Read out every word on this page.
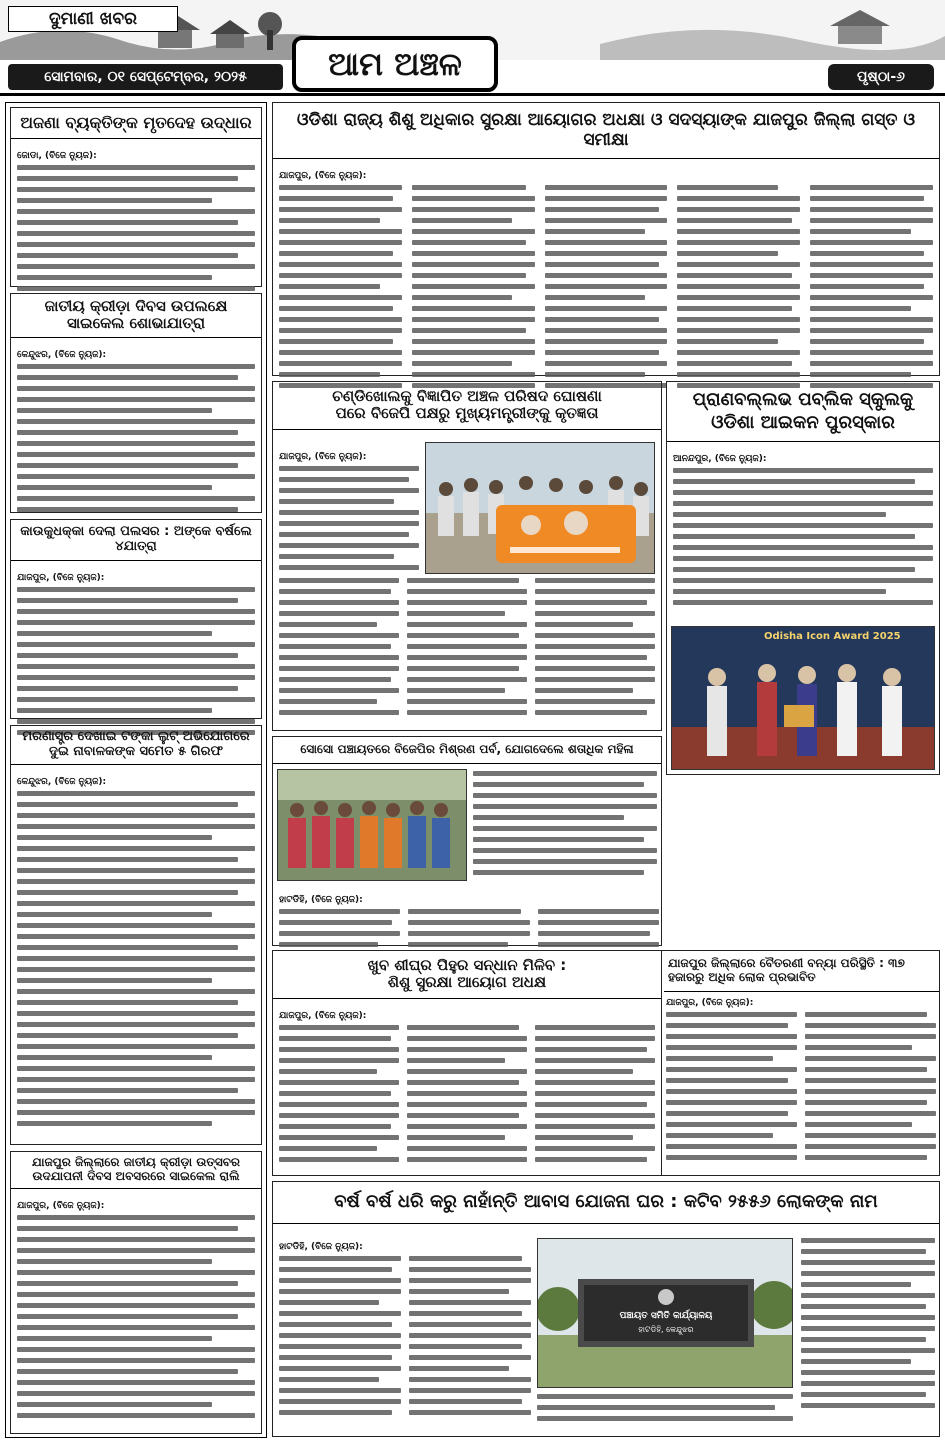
ଦୁମାଣୀ ଖବର
ସୋମବାର, ୦୧ ସେପ୍ଟେମ୍ବର, ୨୦୨୫	ଆମ ଅଞ୍ଚଳ	ପୃଷ୍ଠା-୬
ଅଜଣା ବ୍ୟକ୍ତିଙ୍କ ମୃତଦେହ ଉଦ୍ଧାର
ଜୋଡା, (ବିଜେ ନ୍ୟୁଜ):
ଜାତୀୟ କ୍ରୀଡ଼ା ଦିବସ ଉପଲକ୍ଷେ
ସାଇକେଲ ଶୋଭାଯାତ୍ରା
କେନ୍ଦୁଝର, (ବିଜେ ନ୍ୟୁଜ):
କାଉକୁଧକ୍କା ଦେଲା ପଲସର : ଅଙ୍କେ ବର୍ଷଲେ ୪ଯାତ୍ରା
ଯାଜପୁର, (ବିଜେ ନ୍ୟୁଜ):
ମରଣାସ୍ତ୍ର ଦେଖାଇ ଟଙ୍କା ଲୁଟ୍ ଅଭିଯୋଗରେ
ଦୁଇ ନାବାଳକଙ୍କ ସମେତ ୫ ଗିରଫ
କେନ୍ଦୁଝର, (ବିଜେ ନ୍ୟୁଜ):
ଯାଜପୁର ଜିଲ୍ଲାରେ ଜାତୀୟ କ୍ରୀଡ଼ା ଉତ୍ସବର
ଉଦଯାପନୀ ଦିବସ ଅବସରରେ ସାଇକେଲ ରାଲି
ଯାଜପୁର, (ବିଜେ ନ୍ୟୁଜ):
ଓଡିଶା ରାଜ୍ୟ ଶିଶୁ ଅଧିକାର ସୁରକ୍ଷା ଆୟୋଗର ଅଧକ୍ଷା ଓ ସଦସ୍ୟାଙ୍କ ଯାଜପୁର ଜିଲ୍ଲା ଗସ୍ତ ଓ ସମୀକ୍ଷା
ଯାଜପୁର, (ବିଜେ ନ୍ୟୁଜ):
ଚଣ୍ଡିଖୋଲକୁ ବିଜ୍ଞାପିତ ଅଞ୍ଚଳ ପରିଷଦ ଘୋଷଣା
ପରେ ବିଜେପି ପକ୍ଷରୁ ମୁଖ୍ୟମନ୍ତ୍ରୀଙ୍କୁ କୃତଜ୍ଞତା
ଯାଜପୁର, (ବିଜେ ନ୍ୟୁଜ):
ପ୍ରାଣବଲ୍ଲଭ ପବ୍ଲିକ ସ୍କୁଲକୁ
ଓଡିଶା ଆଇକନ ପୁରସ୍କାର
ଆନନ୍ଦପୁର, (ବିଜେ ନ୍ୟୁଜ):
Odisha Icon Award 2025
ସୋସୋ ପଞ୍ଚାୟତରେ ବିଜେପିର ମିଶ୍ରଣ ପର୍ବ, ଯୋଗଦେଲେ ଶତାଧିକ ମହିଳା
ହାଟଡିହି, (ବିଜେ ନ୍ୟୁଜ):
ଖୁବ ଶୀଘ୍ର ପିହୁର ସନ୍ଧାନ ମିଳିବ :
ଶିଶୁ ସୁରକ୍ଷା ଆୟୋଗ ଅଧକ୍ଷ
ଯାଜପୁର, (ବିଜେ ନ୍ୟୁଜ):
ଯାଜପୁର ଜିଲ୍ଲାରେ ବୈତରଣୀ ବନ୍ୟା ପରିସ୍ଥିତି : ୩୭ ହଜାରରୁ ଅଧିକ ଲୋକ ପ୍ରଭାବିତ
ଯାଜପୁର, (ବିଜେ ନ୍ୟୁଜ):
ବର୍ଷ ବର୍ଷ ଧରି କରୁ ନାହାଁନ୍ତି ଆବାସ ଯୋଜନା ଘର : କଟିବ ୨୫୫୬ ଲୋକଙ୍କ ନାମ
ହାଟଡିହି, (ବିଜେ ନ୍ୟୁଜ):
ପଞ୍ଚାୟତ ସମିତି କାର୍ଯ୍ୟାଳୟ
ହାଟଡିହି, କେନ୍ଦୁଝର
